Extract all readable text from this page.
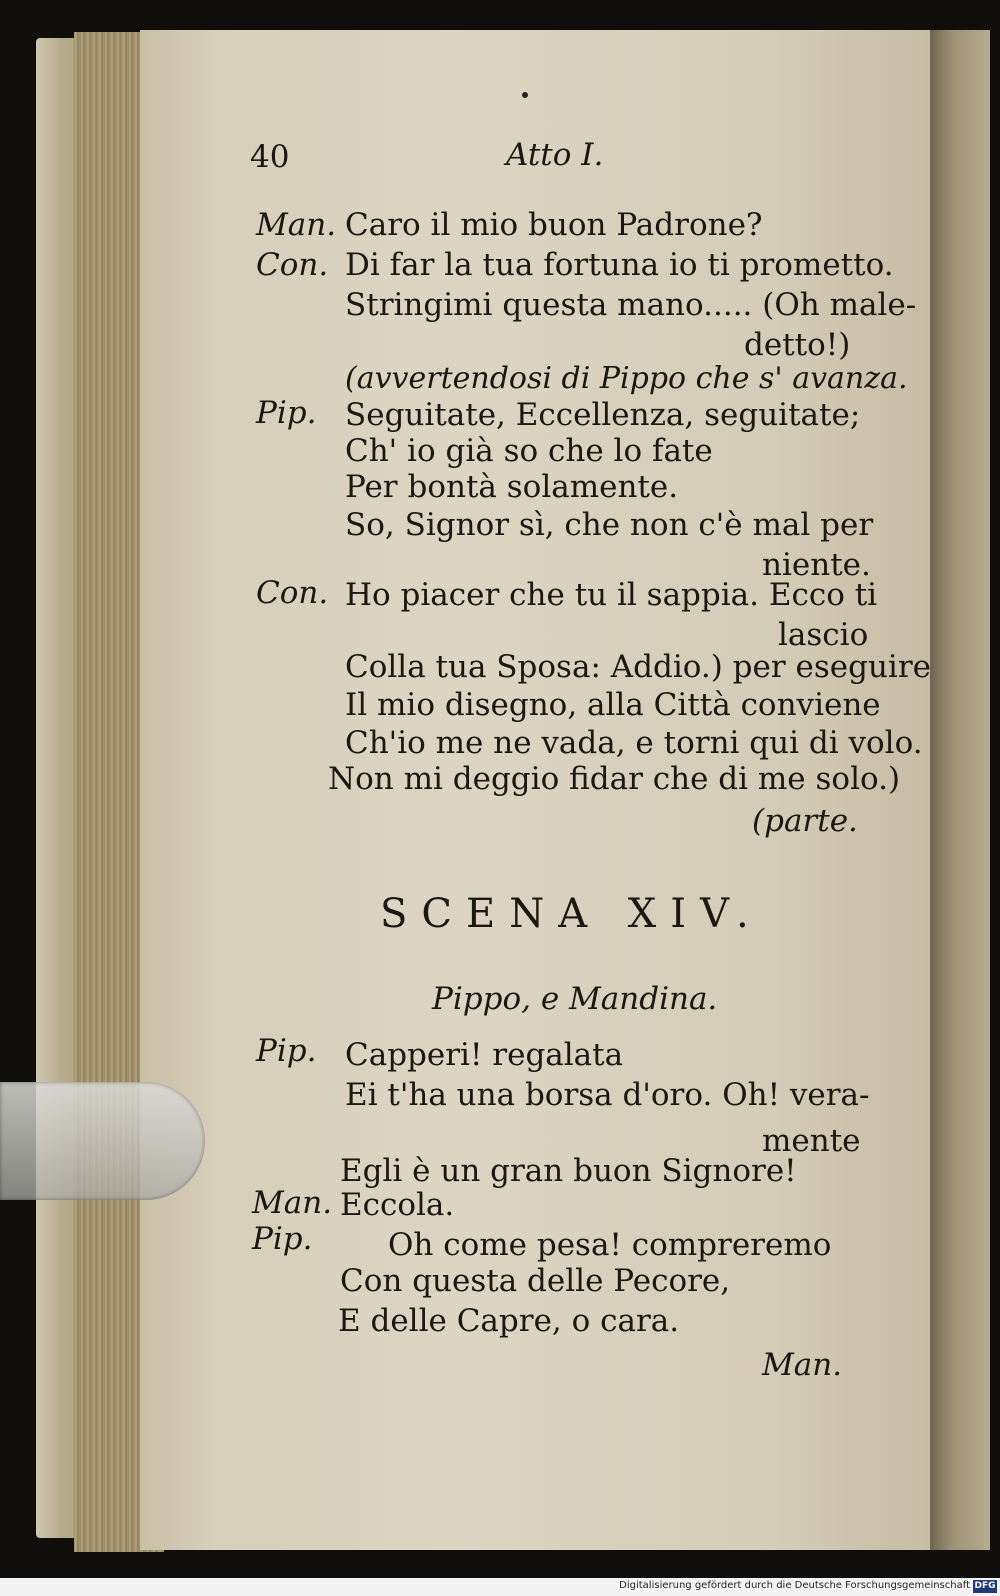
40	Atto I.
Man. Caro il mio buon Padrone?
Con. Di far la tua fortuna io ti prometto.
Stringimi questa mano..... (Oh male-
detto!)
(avvertendosi di Pippo che s' avanza.
Pip. Seguitate, Eccellenza, seguitate;
Ch' io già so che lo fate
Per bontà solamente.
So, Signor sì, che non c'è mal per
niente.
Con. Ho piacer che tu il sappia. Ecco ti
lascio
Colla tua Sposa: Addio.) per eseguire
Il mio disegno, alla Città conviene
Ch'io me ne vada, e torni qui di volo.
Non mi deggio fidar che di me solo.)
(parte.
SCENA XIV.
Pippo, e Mandina.
Pip. Capperi! regalata
Ei t'ha una borsa d'oro. Oh! vera-
mente
Egli è un gran buon Signore!
Man. Eccola.
Pip. Oh come pesa! compreremo
Con questa delle Pecore,
E delle Capre, o cara.
Man.
Digitalisierung gefördert durch die Deutsche Forschungsgemeinschaft DFG
